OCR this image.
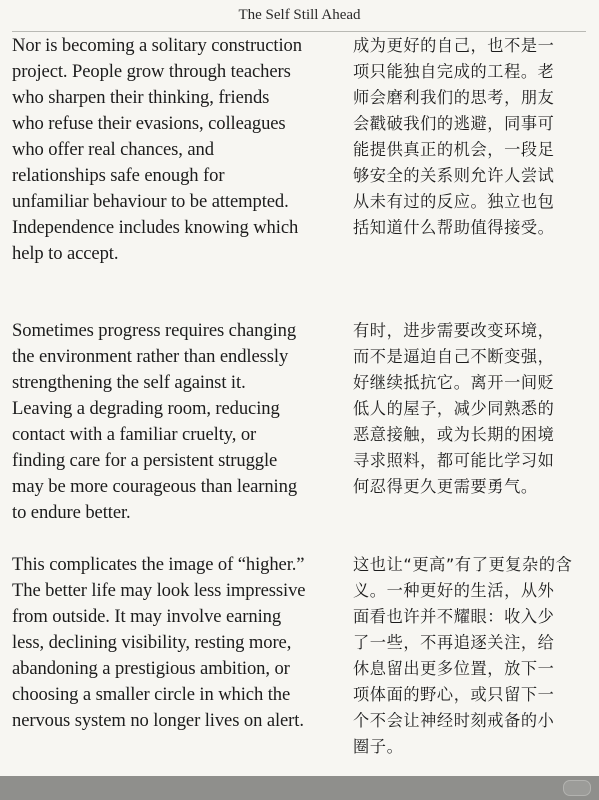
The Self Still Ahead
Nor is becoming a solitary construction
project. People grow through teachers
who sharpen their thinking, friends
who refuse their evasions, colleagues
who offer real chances, and
relationships safe enough for
unfamiliar behaviour to be attempted.
Independence includes knowing which
help to accept.
成为更好的自己，也不是一
项只能独自完成的工程。老
师会磨利我们的思考，朋友
会戳破我们的逃避，同事可
能提供真正的机会，一段足
够安全的关系则允许人尝试
从未有过的反应。独立也包
括知道什么帮助值得接受。
Sometimes progress requires changing
the environment rather than endlessly
strengthening the self against it.
Leaving a degrading room, reducing
contact with a familiar cruelty, or
finding care for a persistent struggle
may be more courageous than learning
to endure better.
有时，进步需要改变环境，
而不是逼迫自己不断变强，
好继续抵抗它。离开一间贬
低人的屋子，减少同熟悉的
恶意接触，或为长期的困境
寻求照料，都可能比学习如
何忍得更久更需要勇气。
This complicates the image of “higher.”
The better life may look less impressive
from outside. It may involve earning
less, declining visibility, resting more,
abandoning a prestigious ambition, or
choosing a smaller circle in which the
nervous system no longer lives on alert.
这也让“更高”有了更复杂的含
义。一种更好的生活，从外
面看也许并不耀眼：收入少
了一些，不再追逐关注，给
休息留出更多位置，放下一
项体面的野心，或只留下一
个不会让神经时刻戒备的小
圈子。
